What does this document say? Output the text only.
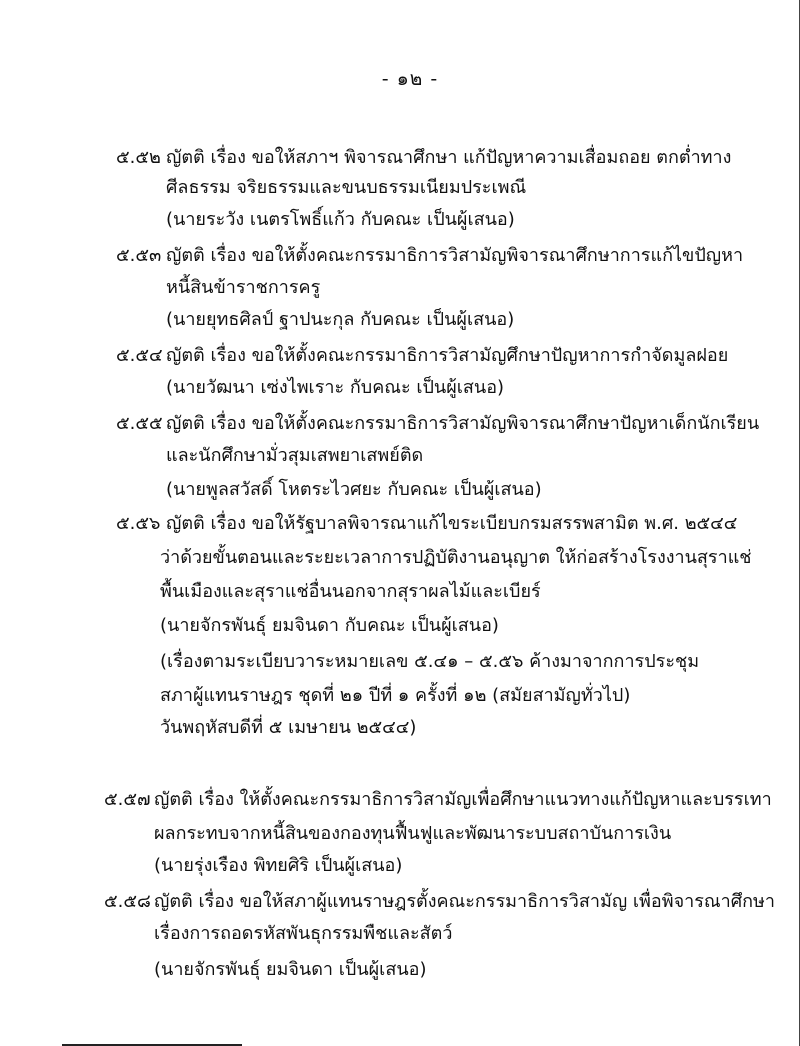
- ๑๒ -
๕.๕๒ ญัตติ เรื่อง ขอให้สภาฯ พิจารณาศึกษา แก้ปัญหาความเสื่อมถอย ตกต่ำทาง
ศีลธรรม จริยธรรมและขนบธรรมเนียมประเพณี
(นายระวัง เนตรโพธิ์แก้ว กับคณะ เป็นผู้เสนอ)
๕.๕๓ ญัตติ เรื่อง ขอให้ตั้งคณะกรรมาธิการวิสามัญพิจารณาศึกษาการแก้ไขปัญหา
หนี้สินข้าราชการครู
(นายยุทธศิลป์ ฐาปนะกุล กับคณะ เป็นผู้เสนอ)
๕.๕๔ ญัตติ เรื่อง ขอให้ตั้งคณะกรรมาธิการวิสามัญศึกษาปัญหาการกำจัดมูลฝอย
(นายวัฒนา เซ่งไพเราะ กับคณะ เป็นผู้เสนอ)
๕.๕๕ ญัตติ เรื่อง ขอให้ตั้งคณะกรรมาธิการวิสามัญพิจารณาศึกษาปัญหาเด็กนักเรียน
และนักศึกษามั่วสุมเสพยาเสพย์ติด
(นายพูลสวัสดิ์ โหตระไวศยะ กับคณะ เป็นผู้เสนอ)
๕.๕๖ ญัตติ เรื่อง ขอให้รัฐบาลพิจารณาแก้ไขระเบียบกรมสรรพสามิต พ.ศ. ๒๕๔๔
ว่าด้วยขั้นตอนและระยะเวลาการปฏิบัติงานอนุญาต ให้ก่อสร้างโรงงานสุราแช่
พื้นเมืองและสุราแช่อื่นนอกจากสุราผลไม้และเบียร์
(นายจักรพันธุ์ ยมจินดา กับคณะ เป็นผู้เสนอ)
(เรื่องตามระเบียบวาระหมายเลข ๕.๔๑ – ๕.๕๖ ค้างมาจากการประชุม
สภาผู้แทนราษฎร ชุดที่ ๒๑ ปีที่ ๑ ครั้งที่ ๑๒ (สมัยสามัญทั่วไป)
วันพฤหัสบดีที่ ๕ เมษายน ๒๕๔๔)
๕.๕๗ ญัตติ เรื่อง ให้ตั้งคณะกรรมาธิการวิสามัญเพื่อศึกษาแนวทางแก้ปัญหาและบรรเทา
ผลกระทบจากหนี้สินของกองทุนฟื้นฟูและพัฒนาระบบสถาบันการเงิน
(นายรุ่งเรือง พิทยศิริ เป็นผู้เสนอ)
๕.๕๘ ญัตติ เรื่อง ขอให้สภาผู้แทนราษฎรตั้งคณะกรรมาธิการวิสามัญ เพื่อพิจารณาศึกษา
เรื่องการถอดรหัสพันธุกรรมพืชและสัตว์
(นายจักรพันธุ์ ยมจินดา เป็นผู้เสนอ)
